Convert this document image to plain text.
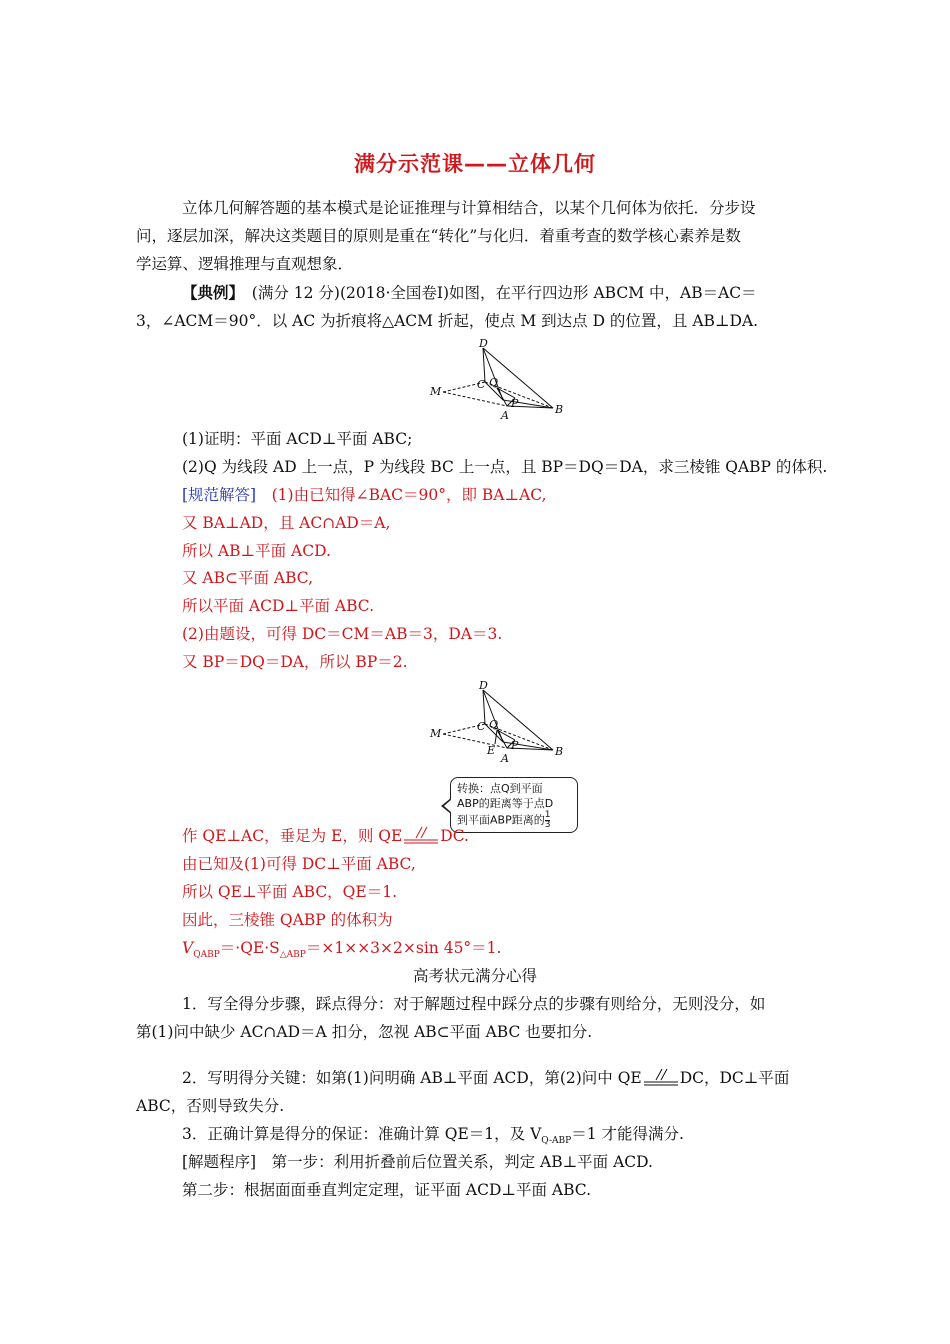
满分示范课——立体几何
立体几何解答题的基本模式是论证推理与计算相结合，以某个几何体为依托．分步设
问，逐层加深，解决这类题目的原则是重在“转化”与化归．着重考查的数学核心素养是数
学运算、逻辑推理与直观想象．
【典例】　 (满分 12 分)(2018·全国卷Ⅰ)如图，在平行四边形 ABCM 中，AB＝AC＝
3，∠ACM＝90°．以 AC 为折痕将△ACM 折起，使点 M 到达点 D 的位置，且 AB⊥DA.
D
C Q
M
P
A	B
(1)证明：平面 ACD⊥平面 ABC;
(2)Q 为线段 AD 上一点，P 为线段 BC 上一点，且 BP＝DQ＝DA，求三棱锥 QABP 的体积.
[规范解答]　 (1)由已知得∠BAC＝90°，即 BA⊥AC,
又 BA⊥AD，且 AC∩AD＝A,
所以 AB⊥平面 ACD.
又 AB⊂平面 ABC,
所以平面 ACD⊥平面 ABC.
(2)由题设，可得 DC＝CM＝AB＝3，DA＝3.
又 BP＝DQ＝DA，所以 BP＝2.
D
C Q
M
P
E
A
B
转换：点Q到平面
ABP的距离等于点D
到平面ABP距离的 $\frac{1}{3}$
作 QE⊥AC，垂足为 E，则 QE DC.
由已知及(1)可得 DC⊥平面 ABC,
所以 QE⊥平面 ABC，QE＝1.
因此，三棱锥 QABP 的体积为
$V_{QABP}=\cdot QE\cdot S_{\triangle ABP}=\times 1\times\times 3\times 2\times\sin$ 45°＝1.
高考状元满分心得
1．写全得分步骤，踩点得分：对于解题过程中踩分点的步骤有则给分，无则没分，如
第(1)问中缺少 AC∩AD＝A 扣分，忽视 AB⊂平面 ABC 也要扣分.
2．写明得分关键：如第(1)问明确 AB⊥平面 ACD，第(2)问中 QE DC，DC⊥平面
ABC，否则导致失分.
3．正确计算是得分的保证：准确计算 QE＝1，及 $V_{Q-ABP}=1$ 才能得满分.
[解题程序]　第一步：利用折叠前后位置关系，判定 AB⊥平面 ACD.
第二步：根据面面垂直判定定理，证平面 ACD⊥平面 ABC.
